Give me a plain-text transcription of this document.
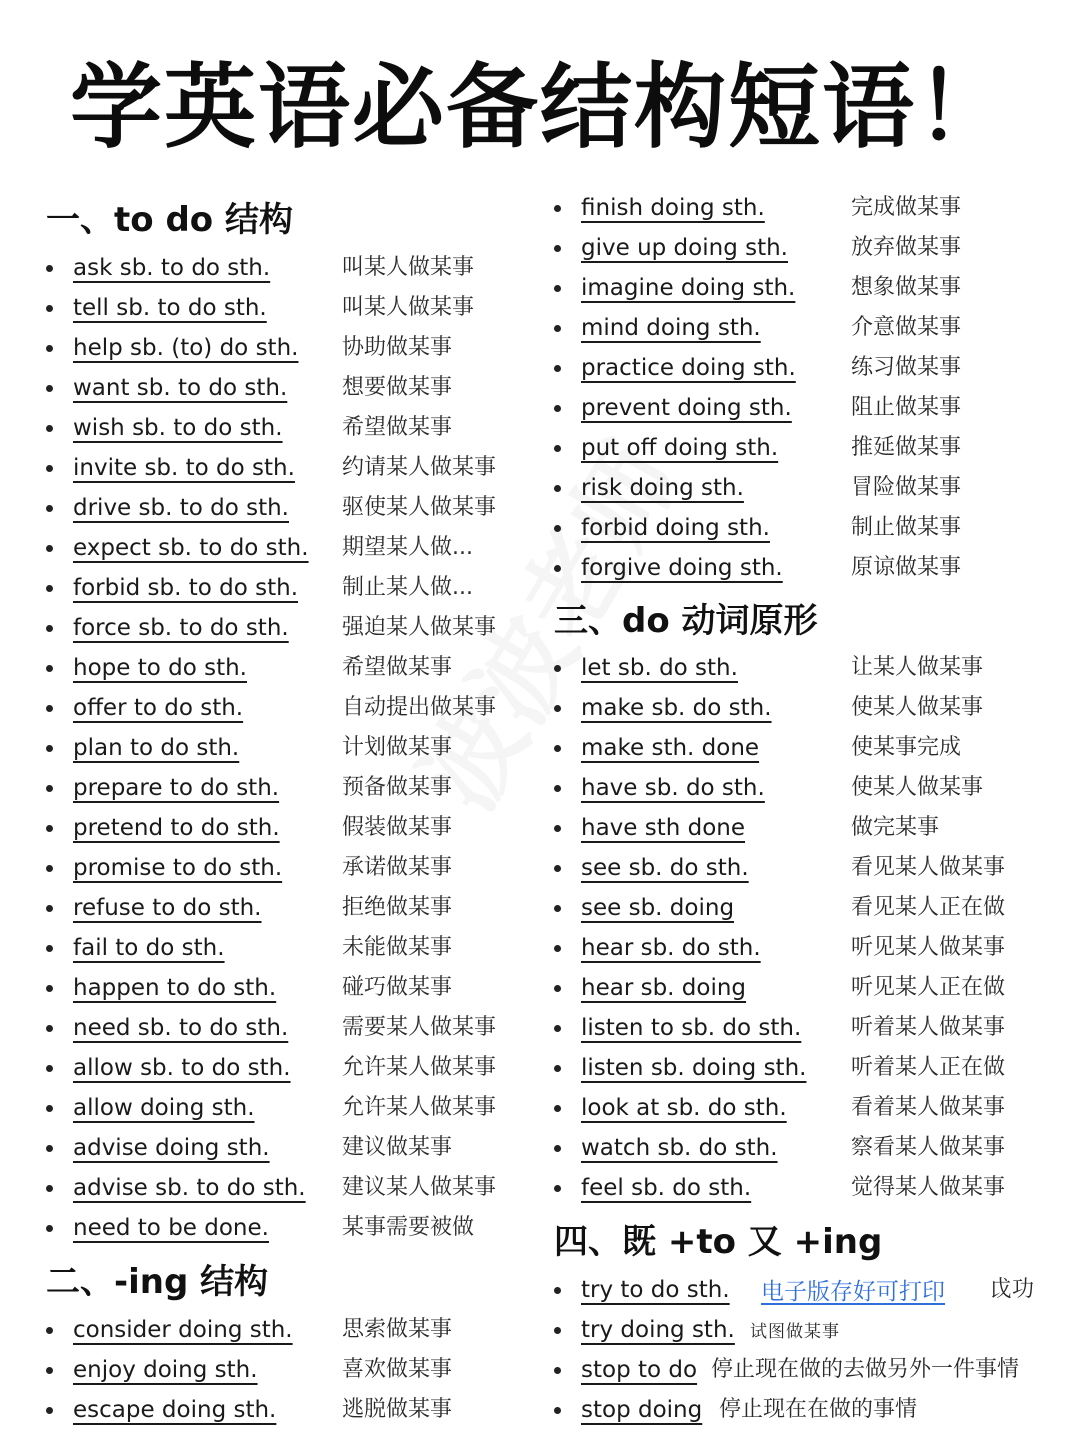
学英语必备结构短语！
一、to do 结构
ask sb. to do sth.	叫某人做某事
tell sb. to do sth.	叫某人做某事
help sb. (to) do sth. 协助做某事
want sb. to do sth. 想要做某事
wish sb. to do sth.	希望做某事
invite sb. to do sth. 约请某人做某事
drive sb. to do sth. 驱使某人做某事
expect sb. to do sth. 期望某人做...
forbid sb. to do sth. 制止某人做...
force sb. to do sth. 强迫某人做某事
hope to do sth.	希望做某事
offer to do sth.	自动提出做某事
plan to do sth.	计划做某事
prepare to do sth.	预备做某事
pretend to do sth.	假装做某事
promise to do sth.	承诺做某事
refuse to do sth.	拒绝做某事
fail to do sth.	未能做某事
happen to do sth.	碰巧做某事
need sb. to do sth. 需要某人做某事
allow sb. to do sth. 允许某人做某事
allow doing sth.	允许某人做某事
advise doing sth.	建议做某事
advise sb. to do sth. 建议某人做某事
need to be done.	某事需要被做
二、-ing 结构
consider doing sth. 思索做某事
enjoy doing sth.	喜欢做某事
escape doing sth.	逃脱做某事
finish doing sth.	完成做某事
give up doing sth.	放弃做某事
imagine doing sth.	想象做某事
mind doing sth.	介意做某事
practice doing sth.	练习做某事
prevent doing sth.	阻止做某事
put off doing sth.	推延做某事
risk doing sth.	冒险做某事
forbid doing sth.	制止做某事
forgive doing sth.	原谅做某事
三、do 动词原形
let sb. do sth.	让某人做某事
make sb. do sth.	使某人做某事
make sth. done	使某事完成
have sb. do sth.	使某人做某事
have sth done	做完某事
see sb. do sth.	看见某人做某事
see sb. doing	看见某人正在做
hear sb. do sth.	听见某人做某事
hear sb. doing	听见某人正在做
listen to sb. do sth. 听着某人做某事
listen sb. doing sth. 听着某人正在做
look at sb. do sth.	看着某人做某事
watch sb. do sth.	察看某人做某事
feel sb. do sth.	觉得某人做某事
四、既 +to 又 +ing
try to do sth. 电子版存好可打印 戉功
try doing sth. 试图做某事
stop to do 停止现在做的去做另外一件事情
stop doing 停止现在在做的事情
